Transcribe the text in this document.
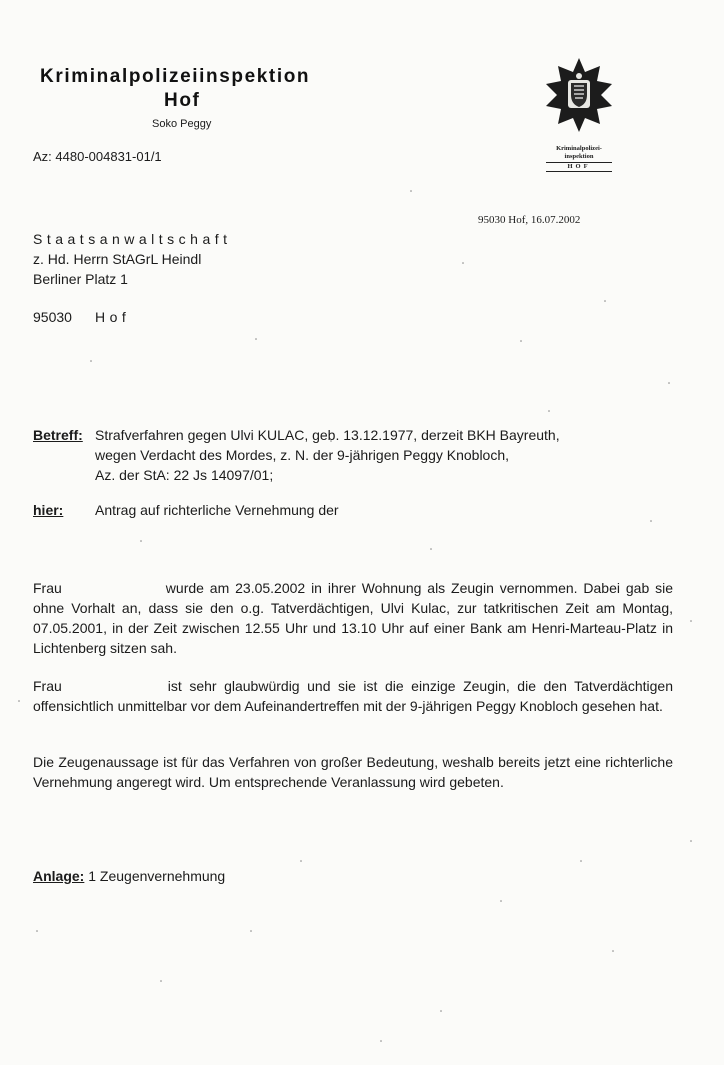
Kriminalpolizeiinspektion
Hof
Soko Peggy
Az: 4480-004831-01/1
Kriminalpolizei-
inspektion
HOF
95030 Hof, 16.07.2002
Staatsanwaltschaft
z. Hd. Herrn StAGrL Heindl
Berliner Platz 1
95030 Hof
Betreff: Strafverfahren gegen Ulvi KULAC, geb. 13.12.1977, derzeit BKH Bayreuth,
wegen Verdacht des Mordes, z. N. der 9-jährigen Peggy Knobloch,
Az. der StA: 22 Js 14097/01;
hier: Antrag auf richterliche Vernehmung der
Frau	wurde am 23.05.2002 in ihrer Wohnung als Zeugin vernommen. Dabei gab sie ohne Vorhalt an, dass sie den o.g. Tatverdächtigen, Ulvi Kulac, zur tatkritischen Zeit am Montag, 07.05.2001, in der Zeit zwischen 12.55 Uhr und 13.10 Uhr auf einer Bank am Henri-Marteau-Platz in Lichtenberg sitzen sah.
Frau	ist sehr glaubwürdig und sie ist die einzige Zeugin, die den Tatverdächtigen offensichtlich unmittelbar vor dem Aufeinandertreffen mit der 9-jährigen Peggy Knobloch gesehen hat.
Die Zeugenaussage ist für das Verfahren von großer Bedeutung, weshalb bereits jetzt eine richterliche Vernehmung angeregt wird. Um entsprechende Veranlassung wird gebeten.
Anlage: 1 Zeugenvernehmung
